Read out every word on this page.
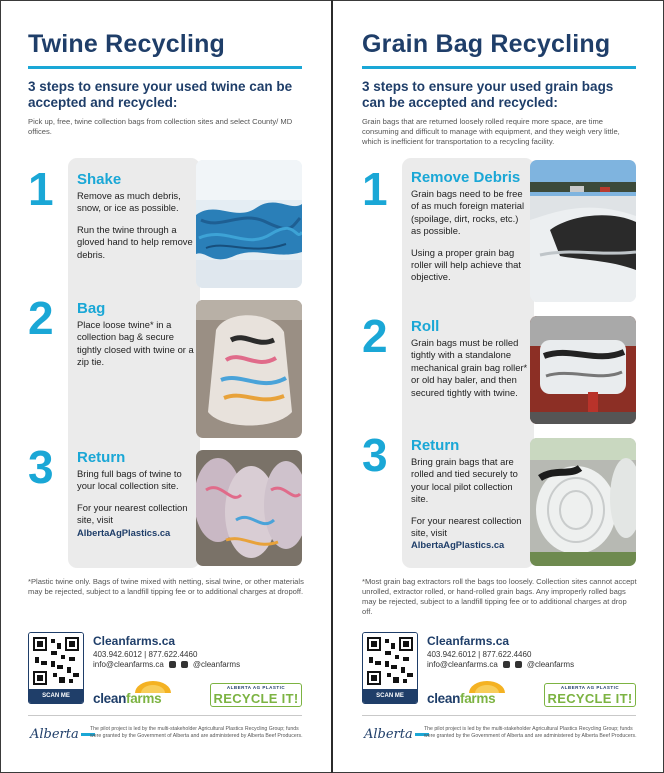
Twine Recycling
3 steps to ensure your used twine can be accepted and recycled:
Pick up, free, twine collection bags from collection sites and select County/ MD offices.
1 Shake
Remove as much debris, snow, or ice as possible.
Run the twine through a gloved hand to help remove debris.
2 Bag
Place loose twine* in a collection bag & secure tightly closed with twine or a zip tie.
3 Return
Bring full bags of twine to your local collection site.
For your nearest collection site, visit
AlbertaAgPlastics.ca
*Plastic twine only. Bags of twine mixed with netting, sisal twine, or other materials may be rejected, subject to a landfill tipping fee or to additional charges at dropoff.
SCAN ME
Cleanfarms.ca
403.942.6012 | 877.622.4460
info@cleanfarms.ca	@cleanfarms
cleanfarms
ALBERTA AG PLASTIC
RECYCLE IT!
Alberta	The pilot project is led by the multi-stakeholder Agricultural Plastics Recycling Group; funds were granted by the Government of Alberta and are administered by Alberta Beef Producers.
Grain Bag Recycling
3 steps to ensure your used grain bags can be accepted and recycled:
Grain bags that are returned loosely rolled require more space, are time consuming and difficult to manage with equipment, and they weigh very little, which is inefficient for transportation to a recycling facility.
1 Remove Debris
Grain bags need to be free of as much foreign material (spoilage, dirt, rocks, etc.) as possible.
Using a proper grain bag roller will help achieve that objective.
2 Roll
Grain bags must be rolled tightly with a standalone mechanical grain bag roller* or old hay baler, and then secured tightly with twine.
3 Return
Bring grain bags that are rolled and tied securely to your local pilot collection site.
For your nearest collection site, visit
AlbertaAgPlastics.ca
*Most grain bag extractors roll the bags too loosely. Collection sites cannot accept unrolled, extractor rolled, or hand-rolled grain bags. Any improperly rolled bags may be rejected, subject to a landfill tipping fee or to additional charges at drop off.
SCAN ME
Cleanfarms.ca
403.942.6012 | 877.622.4460
info@cleanfarms.ca	@cleanfarms
cleanfarms
ALBERTA AG PLASTIC
RECYCLE IT!
Alberta	The pilot project is led by the multi-stakeholder Agricultural Plastics Recycling Group; funds were granted by the Government of Alberta and are administered by Alberta Beef Producers.
